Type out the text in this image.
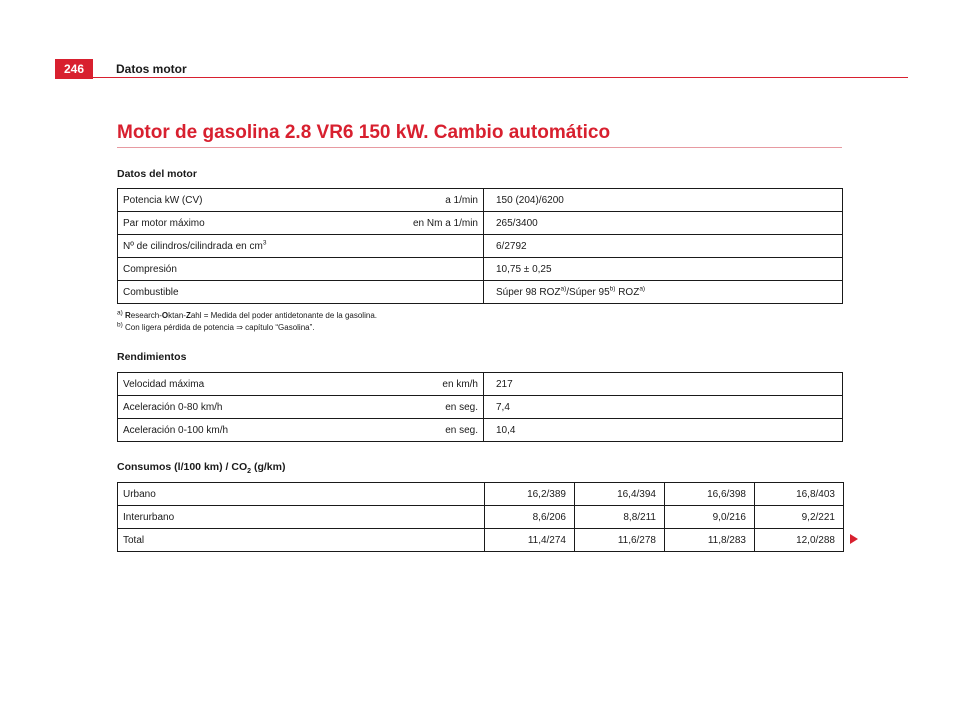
246	Datos motor
Motor de gasolina 2.8 VR6 150 kW. Cambio automático
Datos del motor
Potencia kW (CV) a 1/min	150 (204)/6200

Par motor máximo en Nm a 1/min	265/3400

Nº de cilindros/cilindrada en $cm^3$	6/2792

Compresión	10,75 ± 0,25
Combustible	Súper 98 ROZ$^{a)}$/Súper 95$^{b)}$ ROZ$^{a)}$
$^{a)}$ Research-Oktan-Zahl = Medida del poder antidetonante de la gasolina.
$^{b)}$ Con ligera pérdida de potencia ⇒ capítulo “Gasolina”.
Rendimientos
Velocidad máxima en km/h	217

Aceleración 0-80 km/h en seg.	7,4

Aceleración 0-100 km/h en seg.	10,4
Consumos (l/100 $km) / CO_2$ (g/km)
Urbano	16,2/389	16,4/394	16,6/398	16,8/403
Interurbano	8,6/206	8,8/211	9,0/216	9,2/221
Total	11,4/274	11,6/278	11,8/283	12,0/288
